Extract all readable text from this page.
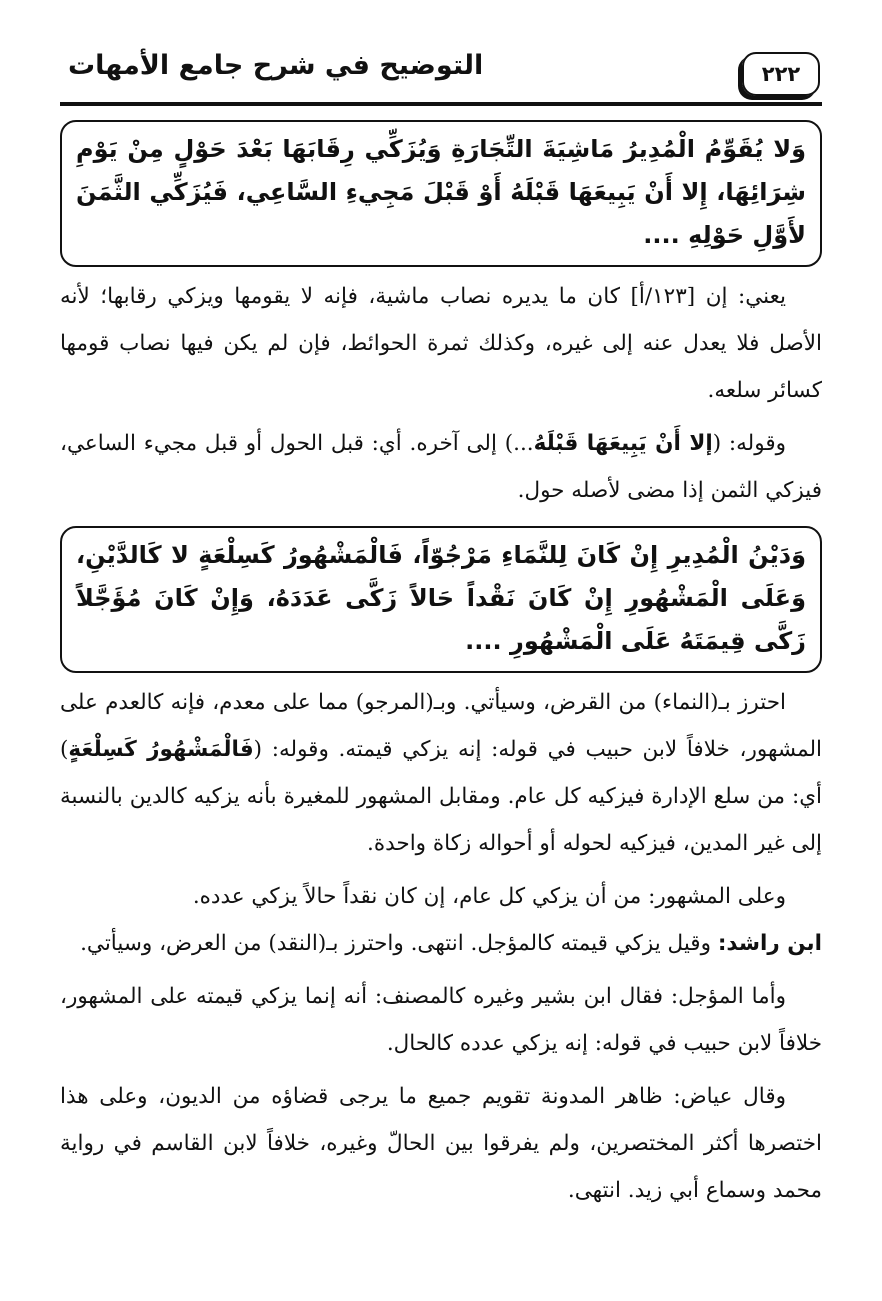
٢٢٢
التوضيح في شرح جامع الأمهات
وَلا يُقَوِّمُ الْمُدِيرُ مَاشِيَةَ التِّجَارَةِ وَيُزَكِّي رِقَابَهَا بَعْدَ حَوْلٍ مِنْ يَوْمِ شِرَائِهَا، إِلا أَنْ يَبِيعَهَا قَبْلَهُ أَوْ قَبْلَ مَجِيءِ السَّاعِي، فَيُزَكِّي الثَّمَنَ لأَوَّلِ حَوْلِهِ ....

يعني: إن [١٢٣/أ] كان ما يديره نصاب ماشية، فإنه لا يقومها ويزكي رقابها؛ لأنه الأصل فلا يعدل عنه إلى غيره، وكذلك ثمرة الحوائط، فإن لم يكن فيها نصاب قومها كسائر سلعه.

وقوله: (إلا أَنْ يَبِيعَهَا قَبْلَهُ...) إلى آخره. أي: قبل الحول أو قبل مجيء الساعي، فيزكي الثمن إذا مضى لأصله حول.

وَدَيْنُ الْمُدِيرِ إِنْ كَانَ لِلنَّمَاءِ مَرْجُوّاً، فَالْمَشْهُورُ كَسِلْعَةٍ لا كَالدَّيْنِ، وَعَلَى الْمَشْهُورِ إِنْ كَانَ نَقْداً حَالاً زَكَّى عَدَدَهُ، وَإِنْ كَانَ مُؤَجَّلاً زَكَّى قِيمَتَهُ عَلَى الْمَشْهُورِ ....

احترز بـ(النماء) من القرض، وسيأتي. وبـ(المرجو) مما على معدم، فإنه كالعدم على المشهور، خلافاً لابن حبيب في قوله: إنه يزكي قيمته. وقوله: (فَالْمَشْهُورُ كَسِلْعَةٍ) أي: من سلع الإدارة فيزكيه كل عام. ومقابل المشهور للمغيرة بأنه يزكيه كالدين بالنسبة إلى غير المدين، فيزكيه لحوله أو أحواله زكاة واحدة.

وعلى المشهور: من أن يزكي كل عام، إن كان نقداً حالاً يزكي عدده.

ابن راشد: وقيل يزكي قيمته كالمؤجل. انتهى. واحترز بـ(النقد) من العرض، وسيأتي.

وأما المؤجل: فقال ابن بشير وغيره كالمصنف: أنه إنما يزكي قيمته على المشهور، خلافاً لابن حبيب في قوله: إنه يزكي عدده كالحال.

وقال عياض: ظاهر المدونة تقويم جميع ما يرجى قضاؤه من الديون، وعلى هذا اختصرها أكثر المختصرين، ولم يفرقوا بين الحالّ وغيره، خلافاً لابن القاسم في رواية محمد وسماع أبي زيد. انتهى.
